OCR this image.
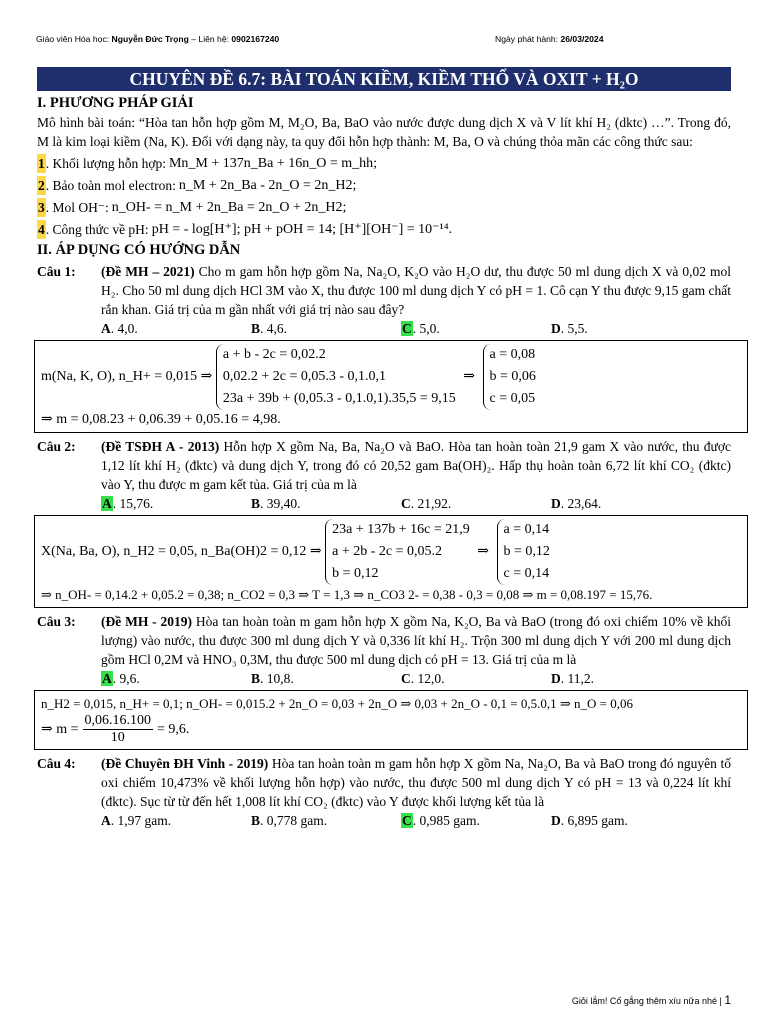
Giáo viên Hóa học: Nguyễn Đức Trọng – Liên hệ: 0902167240	Ngày phát hành: 26/03/2024
CHUYÊN ĐỀ 6.7: BÀI TOÁN KIỀM, KIỀM THỔ VÀ OXIT + H₂O
I. PHƯƠNG PHÁP GIẢI

Mô hình bài toán: “Hòa tan hỗn hợp gồm M, M₂O, Ba, BaO vào nước được dung dịch X và V lít khí H₂ (dktc) …”. Trong đó, M là kim loại kiềm (Na, K). Đối với dạng này, ta quy đổi hỗn hợp thành: M, Ba, O và chúng thỏa mãn các công thức sau:

1 . Khối lượng hỗn hợp: Mn_M + 137n_Ba + 16n_O = m_hh;
2 . Bảo toàn mol electron: n_M + 2n_Ba - 2n_O = 2n_H2;
3 . Mol OH⁻: n_OH- = n_M + 2n_Ba = 2n_O + 2n_H2;
4 . Công thức về pH: pH = - log[H⁺]; pH + pOH = 14; [H⁺][OH⁻] = 10⁻¹⁴.
II. ÁP DỤNG CÓ HƯỚNG DẪN
Câu 1:	(Đề MH – 2021) Cho m gam hỗn hợp gồm Na, Na₂O, K₂O vào H₂O dư, thu được 50 ml dung dịch X và 0,02 mol H₂. Cho 50 ml dung dịch HCl 3M vào X, thu được 100 ml dung dịch Y có pH = 1. Cô cạn Y thu được 9,15 gam chất rắn khan. Giá trị của m gần nhất với giá trị nào sau đây?
A. 4,0.	B. 4,6.	C. 5,0.	D. 5,5.
m(Na, K, O), n_H+ = 0,015 ⇒
a + b - 2c = 0,02.2
0,02.2 + 2c = 0,05.3 - 0,1.0,1
23a + 39b + (0,05.3 - 0,1.0,1).35,5 = 9,15
⇒
a = 0,08
b = 0,06
c = 0,05
⇒ m = 0,08.23 + 0,06.39 + 0,05.16 = 4,98.
Câu 2:	(Đề TSĐH A - 2013) Hỗn hợp X gồm Na, Ba, Na₂O và BaO. Hòa tan hoàn toàn 21,9 gam X vào nước, thu được 1,12 lít khí H₂ (đktc) và dung dịch Y, trong đó có 20,52 gam Ba(OH)₂. Hấp thụ hoàn toàn 6,72 lít khí CO₂ (đktc) vào Y, thu được m gam kết tủa. Giá trị của m là
A. 15,76.	B. 39,40.	C. 21,92.	D. 23,64.
X(Na, Ba, O), n_H2 = 0,05, n_Ba(OH)2 = 0,12 ⇒
23a + 137b + 16c = 21,9
a + 2b - 2c = 0,05.2
b = 0,12
⇒
a = 0,14
b = 0,12
c = 0,14
⇒ n_OH- = 0,14.2 + 0,05.2 = 0,38; n_CO2 = 0,3 ⇒ T = 1,3 ⇒ n_CO3 2- = 0,38 - 0,3 = 0,08 ⇒ m = 0,08.197 = 15,76.
Câu 3:	(Đề MH - 2019) Hòa tan hoàn toàn m gam hỗn hợp X gồm Na, K₂O, Ba và BaO (trong đó oxi chiếm 10% về khối lượng) vào nước, thu được 300 ml dung dịch Y và 0,336 lít khí H₂. Trộn 300 ml dung dịch Y với 200 ml dung dịch gồm HCl 0,2M và HNO₃ 0,3M, thu được 500 ml dung dịch có pH = 13. Giá trị của m là
A. 9,6.	B. 10,8.	C. 12,0.	D. 11,2.
n_H2 = 0,015, n_H+ = 0,1; n_OH- = 0,015.2 + 2n_O = 0,03 + 2n_O ⇒ 0,03 + 2n_O - 0,1 = 0,5.0,1 ⇒ n_O = 0,06
⇒ $m = \frac{0,06.16.100}{10} = 9,6$.
Câu 4:	(Đề Chuyên ĐH Vinh - 2019) Hòa tan hoàn toàn m gam hỗn hợp X gồm Na, Na₂O, Ba và BaO trong đó nguyên tố oxi chiếm 10,473% về khối lượng hỗn hợp) vào nước, thu được 500 ml dung dịch Y có pH = 13 và 0,224 lít khí (đktc). Sục từ từ đến hết 1,008 lít khí CO₂ (đktc) vào Y được khối lượng kết tủa là
A. 1,97 gam.	B. 0,778 gam.	C. 0,985 gam.	D. 6,895 gam.
Giỏi lắm! Cố gắng thêm xíu nữa nhé | 1
